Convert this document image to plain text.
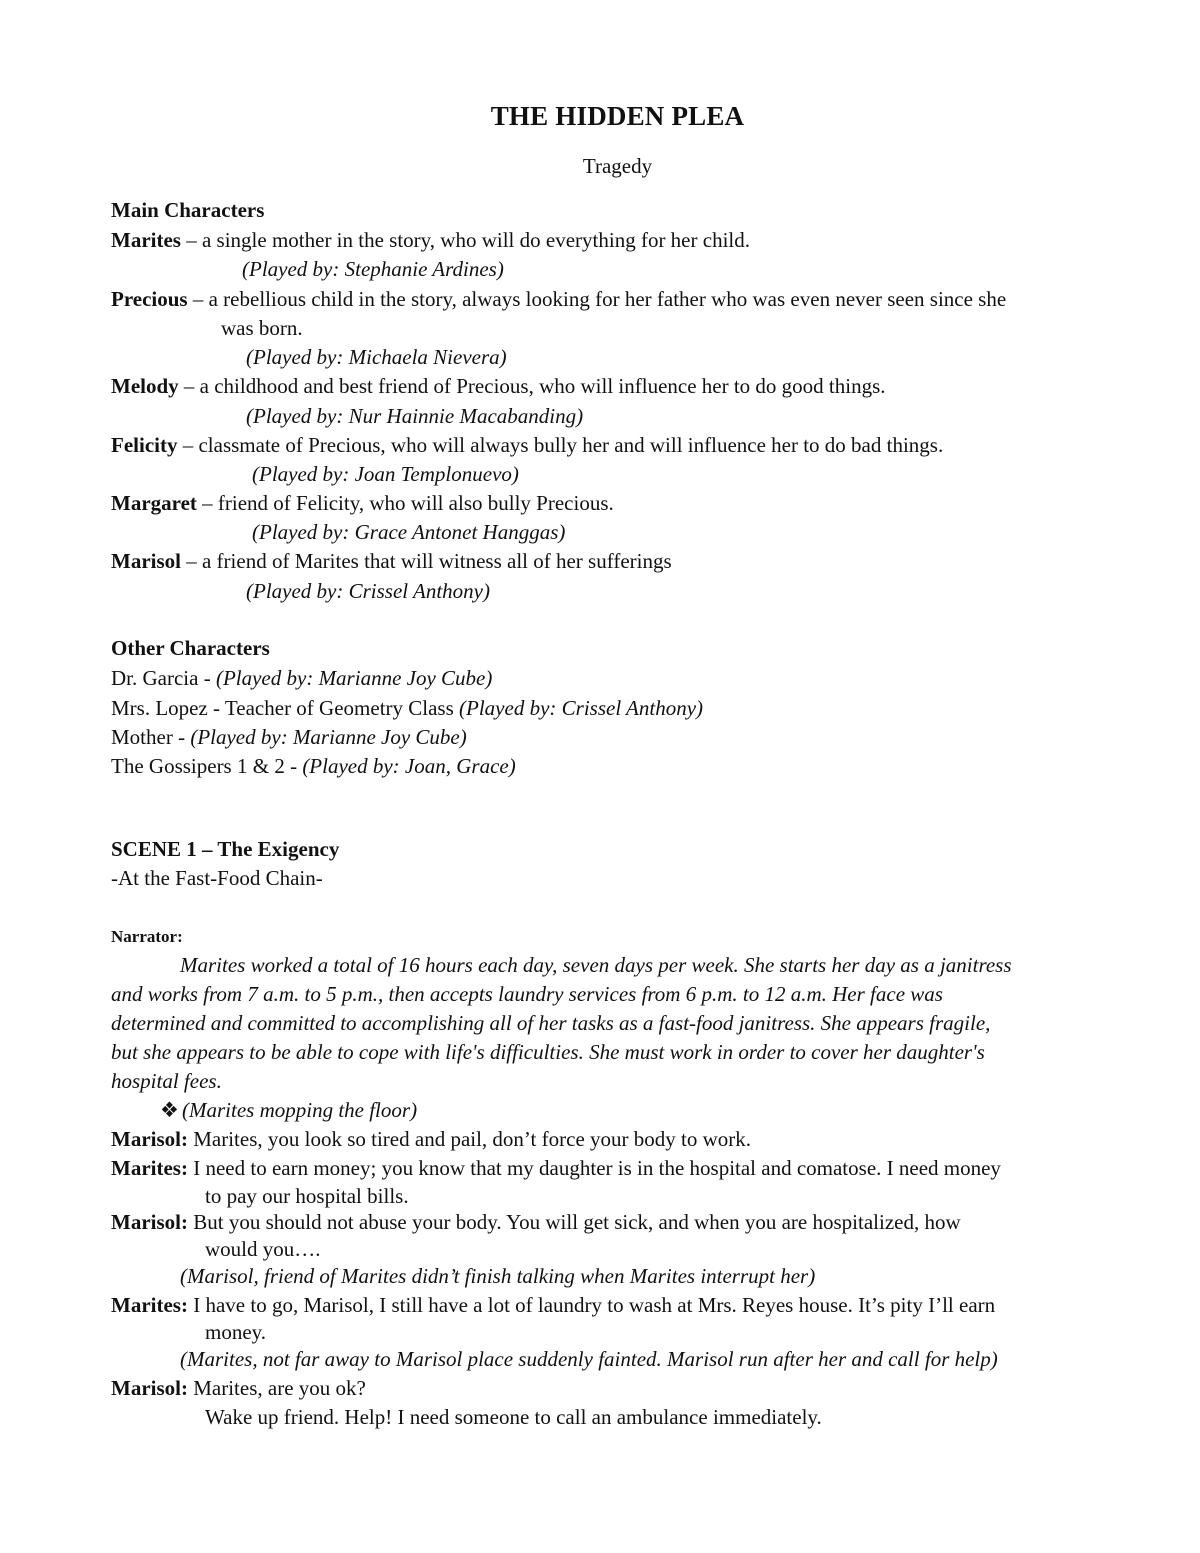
THE HIDDEN PLEA
Tragedy
Main Characters
Marites – a single mother in the story, who will do everything for her child.
(Played by: Stephanie Ardines)
Precious – a rebellious child in the story, always looking for her father who was even never seen since she
was born.
(Played by: Michaela Nievera)
Melody – a childhood and best friend of Precious, who will influence her to do good things.
(Played by: Nur Hainnie Macabanding)
Felicity – classmate of Precious, who will always bully her and will influence her to do bad things.
(Played by: Joan Templonuevo)
Margaret – friend of Felicity, who will also bully Precious.
(Played by: Grace Antonet Hanggas)
Marisol – a friend of Marites that will witness all of her sufferings
(Played by: Crissel Anthony)
Other Characters
Dr. Garcia - (Played by: Marianne Joy Cube)
Mrs. Lopez - Teacher of Geometry Class (Played by: Crissel Anthony)
Mother - (Played by: Marianne Joy Cube)
The Gossipers 1 & 2 - (Played by: Joan, Grace)
SCENE 1 – The Exigency
-At the Fast-Food Chain-
Narrator:
Marites worked a total of 16 hours each day, seven days per week. She starts her day as a janitress
and works from 7 a.m. to 5 p.m., then accepts laundry services from 6 p.m. to 12 a.m. Her face was
determined and committed to accomplishing all of her tasks as a fast-food janitress. She appears fragile,
but she appears to be able to cope with life's difficulties. She must work in order to cover her daughter's
hospital fees.
❖ (Marites mopping the floor)
Marisol: Marites, you look so tired and pail, don’t force your body to work.
Marites: I need to earn money; you know that my daughter is in the hospital and comatose. I need money
to pay our hospital bills.
Marisol: But you should not abuse your body. You will get sick, and when you are hospitalized, how
would you….
(Marisol, friend of Marites didn’t finish talking when Marites interrupt her)
Marites: I have to go, Marisol, I still have a lot of laundry to wash at Mrs. Reyes house. It’s pity I’ll earn
money.
(Marites, not far away to Marisol place suddenly fainted. Marisol run after her and call for help)
Marisol: Marites, are you ok?
Wake up friend. Help! I need someone to call an ambulance immediately.
